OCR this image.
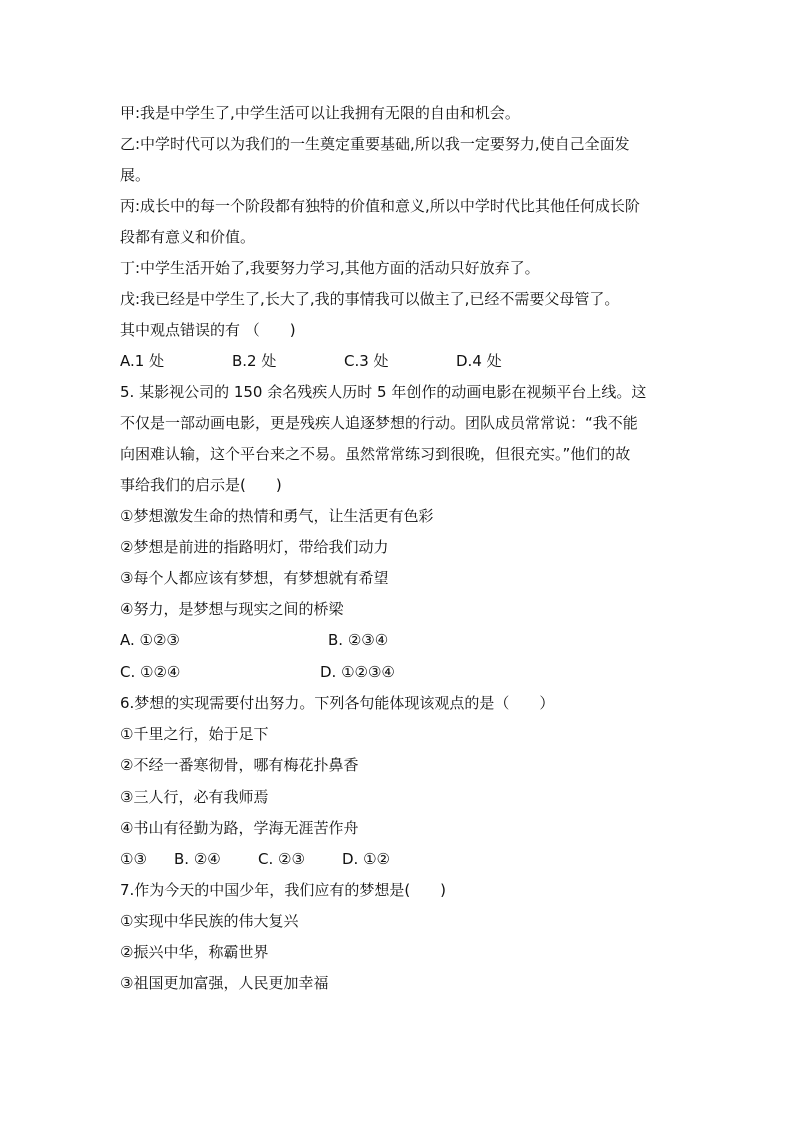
甲:我是中学生了,中学生活可以让我拥有无限的自由和机会。
乙:中学时代可以为我们的一生奠定重要基础,所以我一定要努力,使自己全面发
展。
丙:成长中的每一个阶段都有独特的价值和意义,所以中学时代比其他任何成长阶
段都有意义和价值。
丁:中学生活开始了,我要努力学习,其他方面的活动只好放弃了。
戊:我已经是中学生了,长大了,我的事情我可以做主了,已经不需要父母管了。
其中观点错误的有 （　　)
A.1 处	B.2 处	C.3 处	D.4 处
5. 某影视公司的 150 余名残疾人历时 5 年创作的动画电影在视频平台上线。这
不仅是一部动画电影，更是残疾人追逐梦想的行动。团队成员常常说：“我不能
向困难认输，这个平台来之不易。虽然常常练习到很晚，但很充实。”他们的故
事给我们的启示是(　　)
①梦想激发生命的热情和勇气，让生活更有色彩
②梦想是前进的指路明灯，带给我们动力
③每个人都应该有梦想，有梦想就有希望
④努力，是梦想与现实之间的桥梁
A. ①②③	B. ②③④
C. ①②④	D. ①②③④
6.梦想的实现需要付出努力。下列各句能体现该观点的是（　　）
①千里之行，始于足下
②不经一番寒彻骨，哪有梅花扑鼻香
③三人行，必有我师焉
④书山有径勤为路，学海无涯苦作舟
①③ B. ②④ C. ②③ D. ①②
7.作为今天的中国少年，我们应有的梦想是(　　)
①实现中华民族的伟大复兴
②振兴中华，称霸世界
③祖国更加富强，人民更加幸福
